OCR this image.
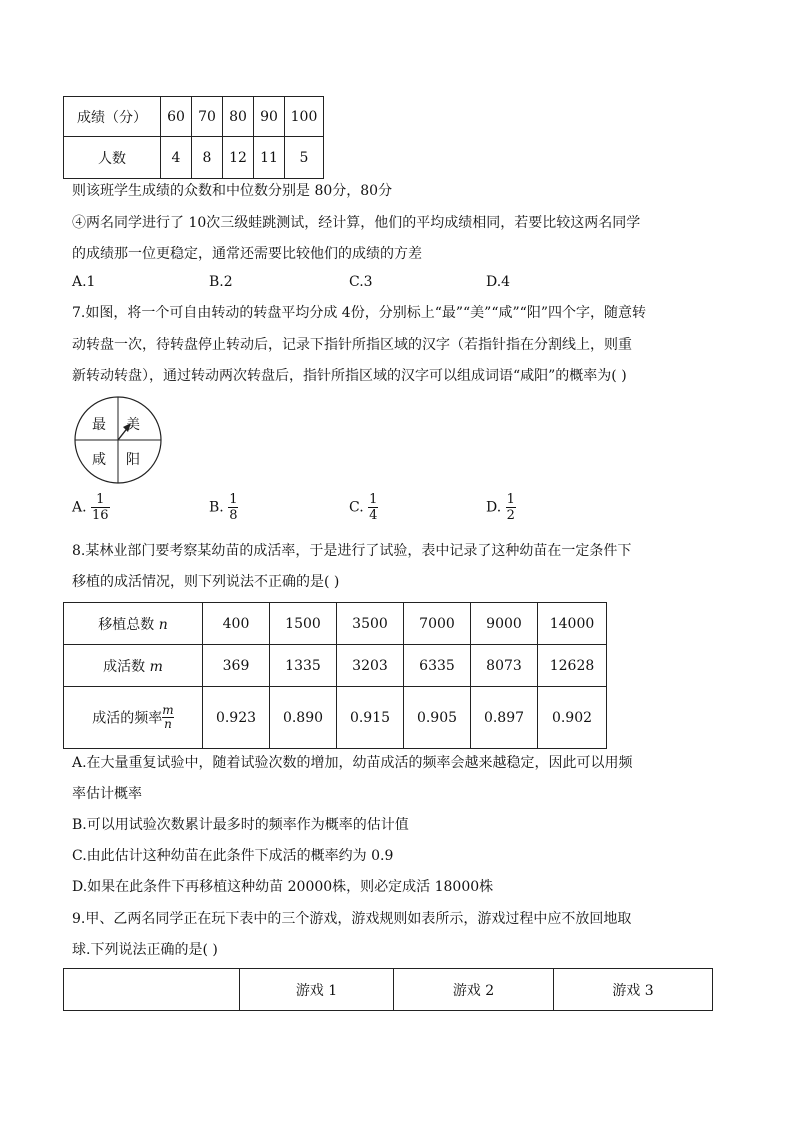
成绩（分）	60	70	80	90	100
人数	4	8	12	11	5
则该班学生成绩的众数和中位数分别是 80分，80分
④两名同学进行了 10次三级蛙跳测试，经计算，他们的平均成绩相同，若要比较这两名同学
的成绩那一位更稳定，通常还需要比较他们的成绩的方差
A.1	B.2	C.3	D.4
7.如图，将一个可自由转动的转盘平均分成 4份，分别标上“最”“美”“咸”“阳”四个字，随意转
动转盘一次，待转盘停止转动后，记录下指针所指区域的汉字（若指针指在分割线上，则重
新转动转盘），通过转动两次转盘后，指针所指区域的汉字可以组成词语“咸阳”的概率为( )
最 美
咸 阳
A. $\frac{1}{16}$	B. $\frac{1}{8}$	C. $\frac{1}{4}$	D. $\frac{1}{2}$
8.某林业部门要考察某幼苗的成活率，于是进行了试验，表中记录了这种幼苗在一定条件下
移植的成活情况，则下列说法不正确的是( )
移植总数 n	400	1500	3500	7000	9000	14000
成活数 m	369	1335	3203	6335	8073	12628
成活的频率 $\frac{m}{n}$	0.923	0.890	0.915	0.905	0.897	0.902
A.在大量重复试验中，随着试验次数的增加，幼苗成活的频率会越来越稳定，因此可以用频
率估计概率
B.可以用试验次数累计最多时的频率作为概率的估计值
C.由此估计这种幼苗在此条件下成活的概率约为 0.9
D.如果在此条件下再移植这种幼苗 20000株，则必定成活 18000株
9.甲、乙两名同学正在玩下表中的三个游戏，游戏规则如表所示，游戏过程中应不放回地取
球.下列说法正确的是( )
	游戏 1	游戏 2	游戏 3
